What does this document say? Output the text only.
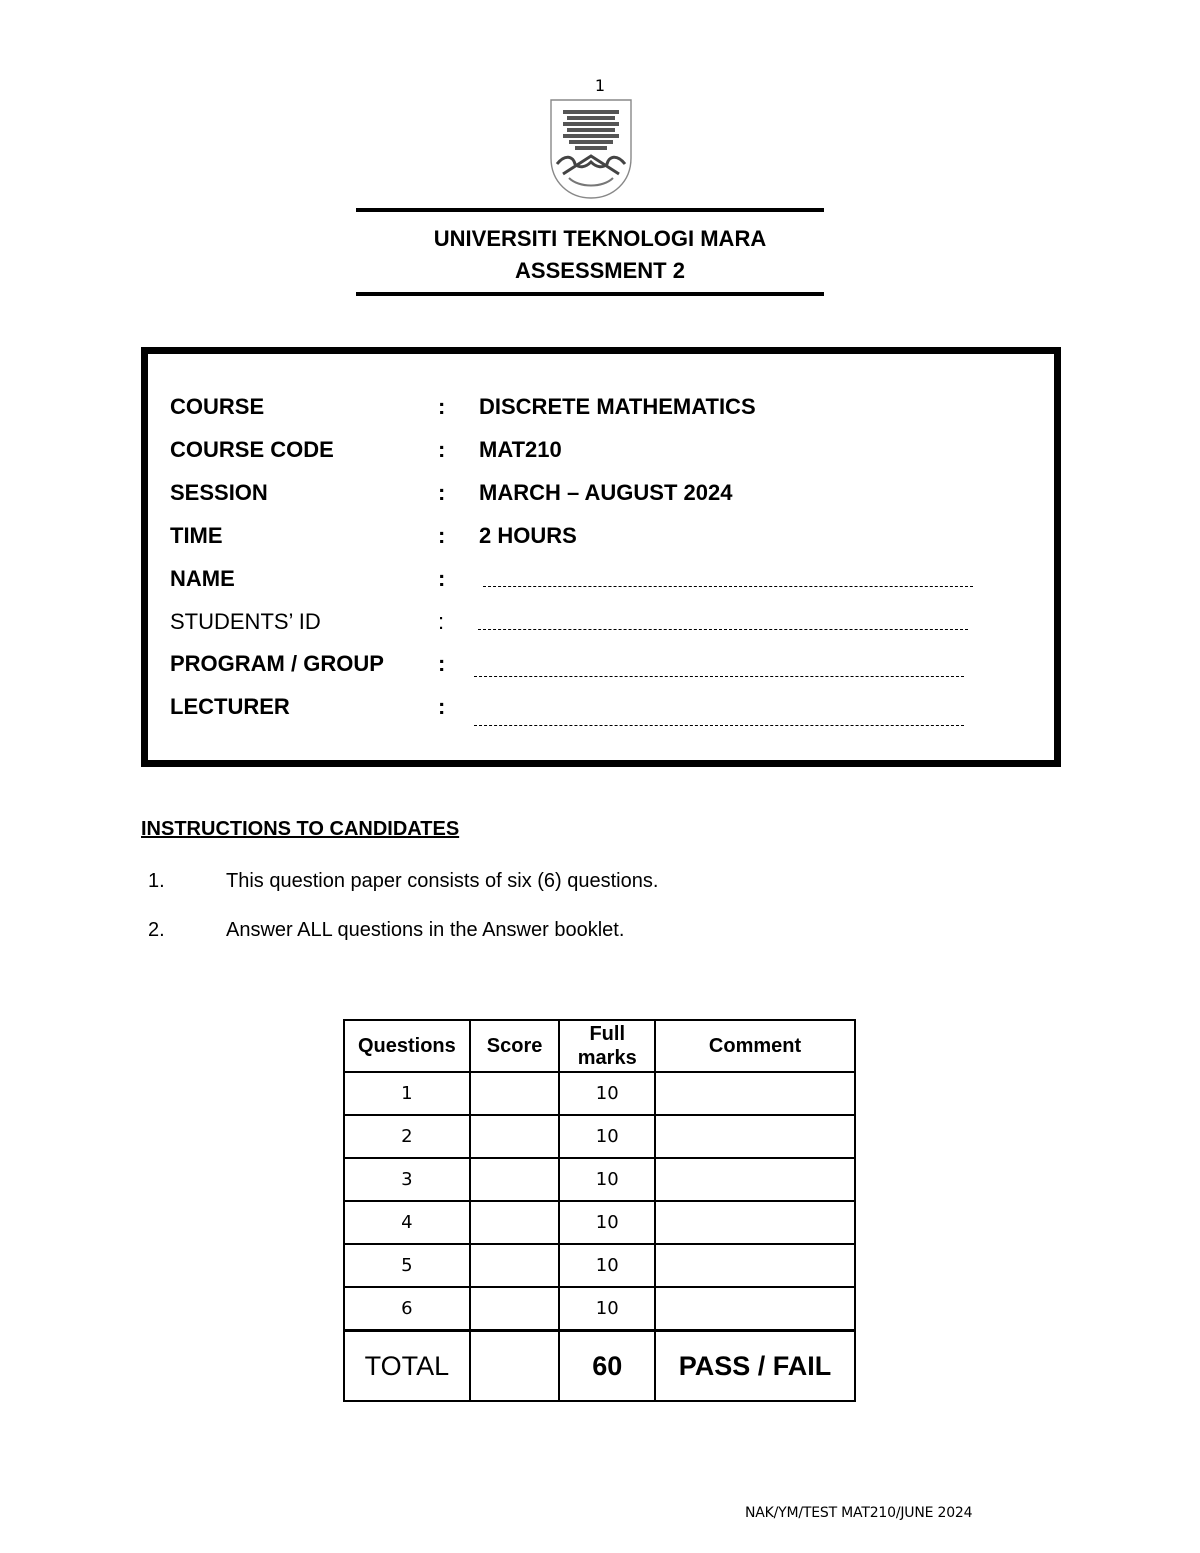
1
UNIVERSITI TEKNOLOGI MARA
ASSESSMENT 2
COURSE	: DISCRETE MATHEMATICS
COURSE CODE	: MAT210
SESSION	: MARCH – AUGUST 2024
TIME	: 2 HOURS
NAME	:
STUDENTS’ ID	:
PROGRAM / GROUP :
LECTURER	:
INSTRUCTIONS TO CANDIDATES
1.	This question paper consists of six (6) questions.
2.	Answer ALL questions in the Answer booklet.
Questions	Score	Full marks	Comment
1		10	
2		10	
3		10	
4		10	
5		10	
6		10	
TOTAL		60	PASS / FAIL
NAK/YM/TEST MAT210/JUNE 2024
